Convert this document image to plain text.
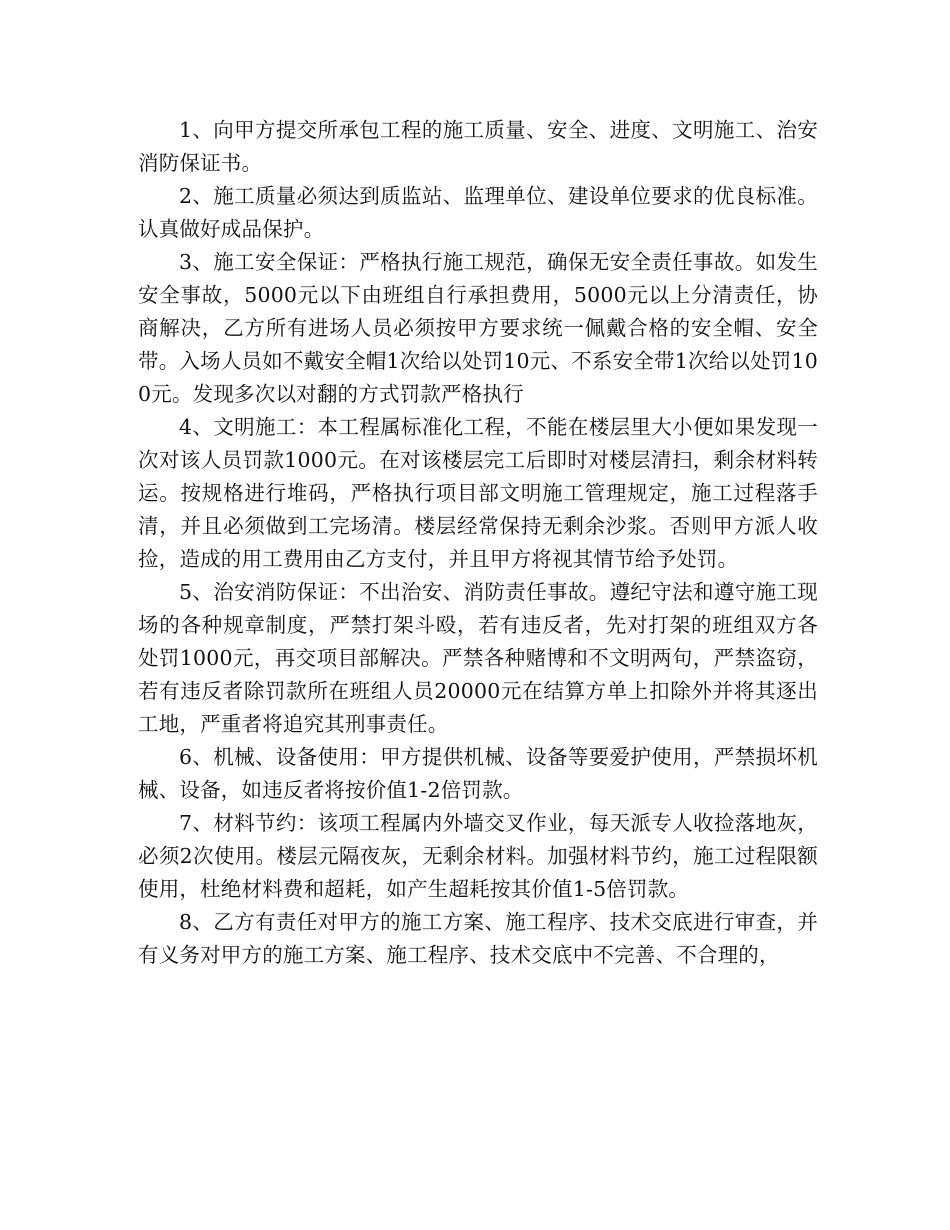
1、向甲方提交所承包工程的施工质量、安全、进度、文明施工、治安消防保证书。

2、施工质量必须达到质监站、监理单位、建设单位要求的优良标准。认真做好成品保护。

3、施工安全保证：严格执行施工规范，确保无安全责任事故。如发生安全事故，5000元以下由班组自行承担费用，5000元以上分清责任，协商解决，乙方所有进场人员必须按甲方要求统一佩戴合格的安全帽、安全带。入场人员如不戴安全帽1次给以处罚10元、不系安全带1次给以处罚100元。发现多次以对翻的方式罚款严格执行

4、文明施工：本工程属标准化工程，不能在楼层里大小便如果发现一次对该人员罚款1000元。在对该楼层完工后即时对楼层清扫，剩余材料转运。按规格进行堆码，严格执行项目部文明施工管理规定，施工过程落手清，并且必须做到工完场清。楼层经常保持无剩余沙浆。否则甲方派人收捡，造成的用工费用由乙方支付，并且甲方将视其情节给予处罚。

5、治安消防保证：不出治安、消防责任事故。遵纪守法和遵守施工现场的各种规章制度，严禁打架斗殴，若有违反者，先对打架的班组双方各处罚1000元，再交项目部解决。严禁各种赌博和不文明两句，严禁盗窃，若有违反者除罚款所在班组人员20000元在结算方单上扣除外并将其逐出工地，严重者将追究其刑事责任。

6、机械、设备使用：甲方提供机械、设备等要爱护使用，严禁损坏机械、设备，如违反者将按价值1-2倍罚款。

7、材料节约：该项工程属内外墙交叉作业，每天派专人收捡落地灰，必须2次使用。楼层元隔夜灰，无剩余材料。加强材料节约，施工过程限额使用，杜绝材料费和超耗，如产生超耗按其价值1-5倍罚款。

8、乙方有责任对甲方的施工方案、施工程序、技术交底进行审查，并有义务对甲方的施工方案、施工程序、技术交底中不完善、不合理的，
